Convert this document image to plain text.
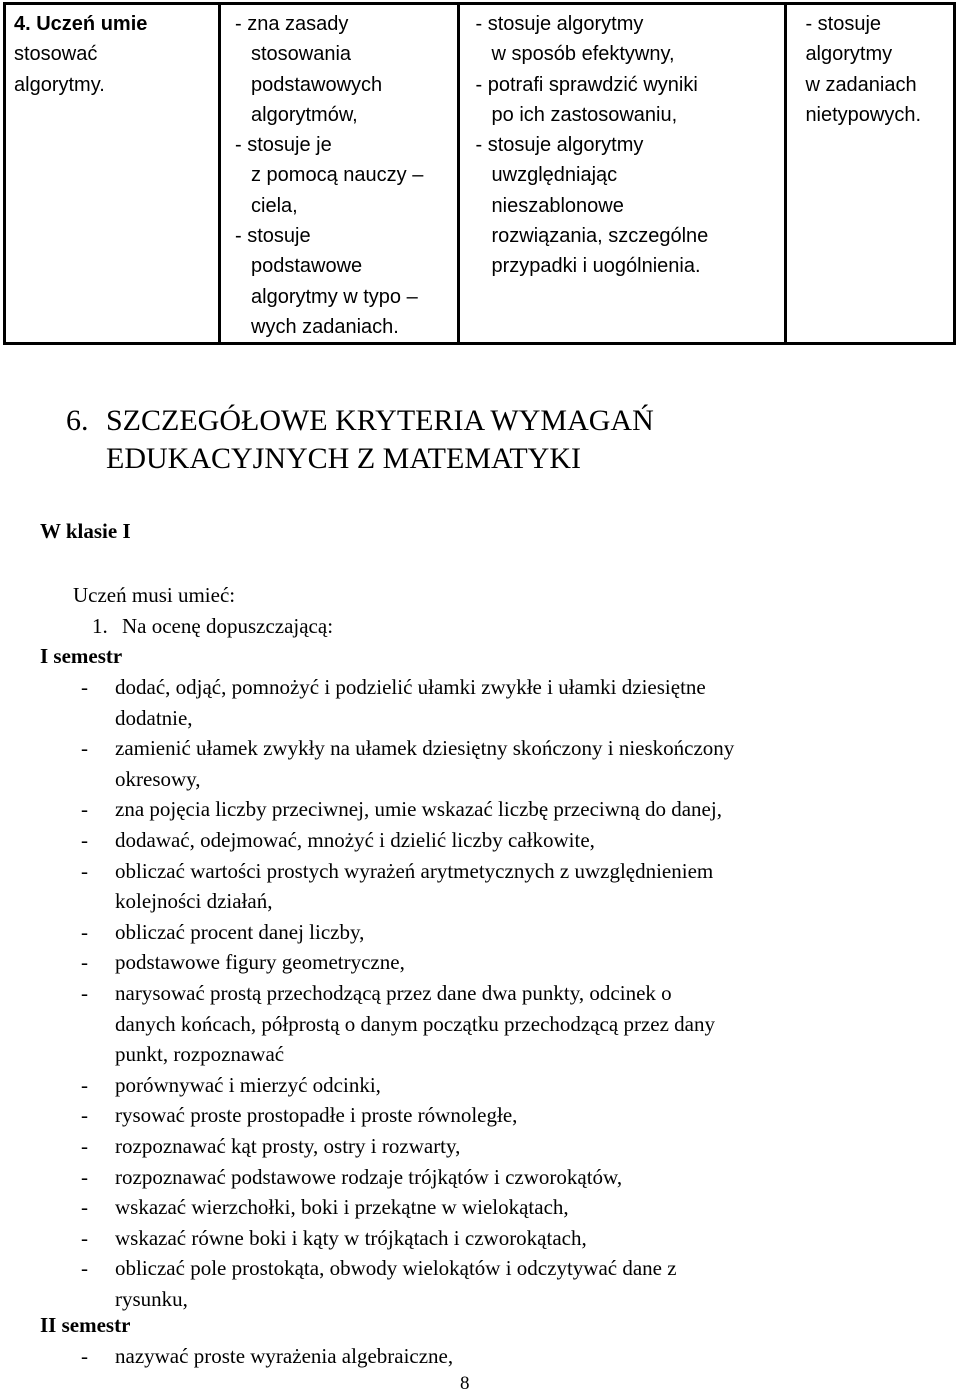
4. Uczeń umie
stosować
algorytmy.

- zna zasady
stosowania
podstawowych
algorytmów,
- stosuje je
z pomocą nauczy –
ciela,
- stosuje
podstawowe
algorytmy w typo –
wych zadaniach.

- stosuje algorytmy
w sposób efektywny,
- potrafi sprawdzić wyniki
po ich zastosowaniu,
- stosuje algorytmy
uwzględniając
nieszablonowe
rozwiązania, szczególne
przypadki i uogólnienia.

- stosuje
algorytmy
w zadaniach
nietypowych.
6. SZCZEGÓŁOWE KRYTERIA WYMAGAŃ
EDUKACYJNYCH Z MATEMATYKI
W klasie I
Uczeń musi umieć:
1. Na ocenę dopuszczającą:
I semestr
- dodać, odjąć, pomnożyć i podzielić ułamki zwykłe i ułamki dziesiętne
dodatnie,
- zamienić ułamek zwykły na ułamek dziesiętny skończony i nieskończony
okresowy,
- zna pojęcia liczby przeciwnej, umie wskazać liczbę przeciwną do danej,
- dodawać, odejmować, mnożyć i dzielić liczby całkowite,
- obliczać wartości prostych wyrażeń arytmetycznych z uwzględnieniem
kolejności działań,
- obliczać procent danej liczby,
- podstawowe figury geometryczne,
- narysować prostą przechodzącą przez dane dwa punkty, odcinek o
danych końcach, półprostą o danym początku przechodzącą przez dany
punkt, rozpoznawać
- porównywać i mierzyć odcinki,
- rysować proste prostopadłe i proste równoległe,
- rozpoznawać kąt prosty, ostry i rozwarty,
- rozpoznawać podstawowe rodzaje trójkątów i czworokątów,
- wskazać wierzchołki, boki i przekątne w wielokątach,
- wskazać równe boki i kąty w trójkątach i czworokątach,
- obliczać pole prostokąta, obwody wielokątów i odczytywać dane z
rysunku,
II semestr
- nazywać proste wyrażenia algebraiczne,
8
